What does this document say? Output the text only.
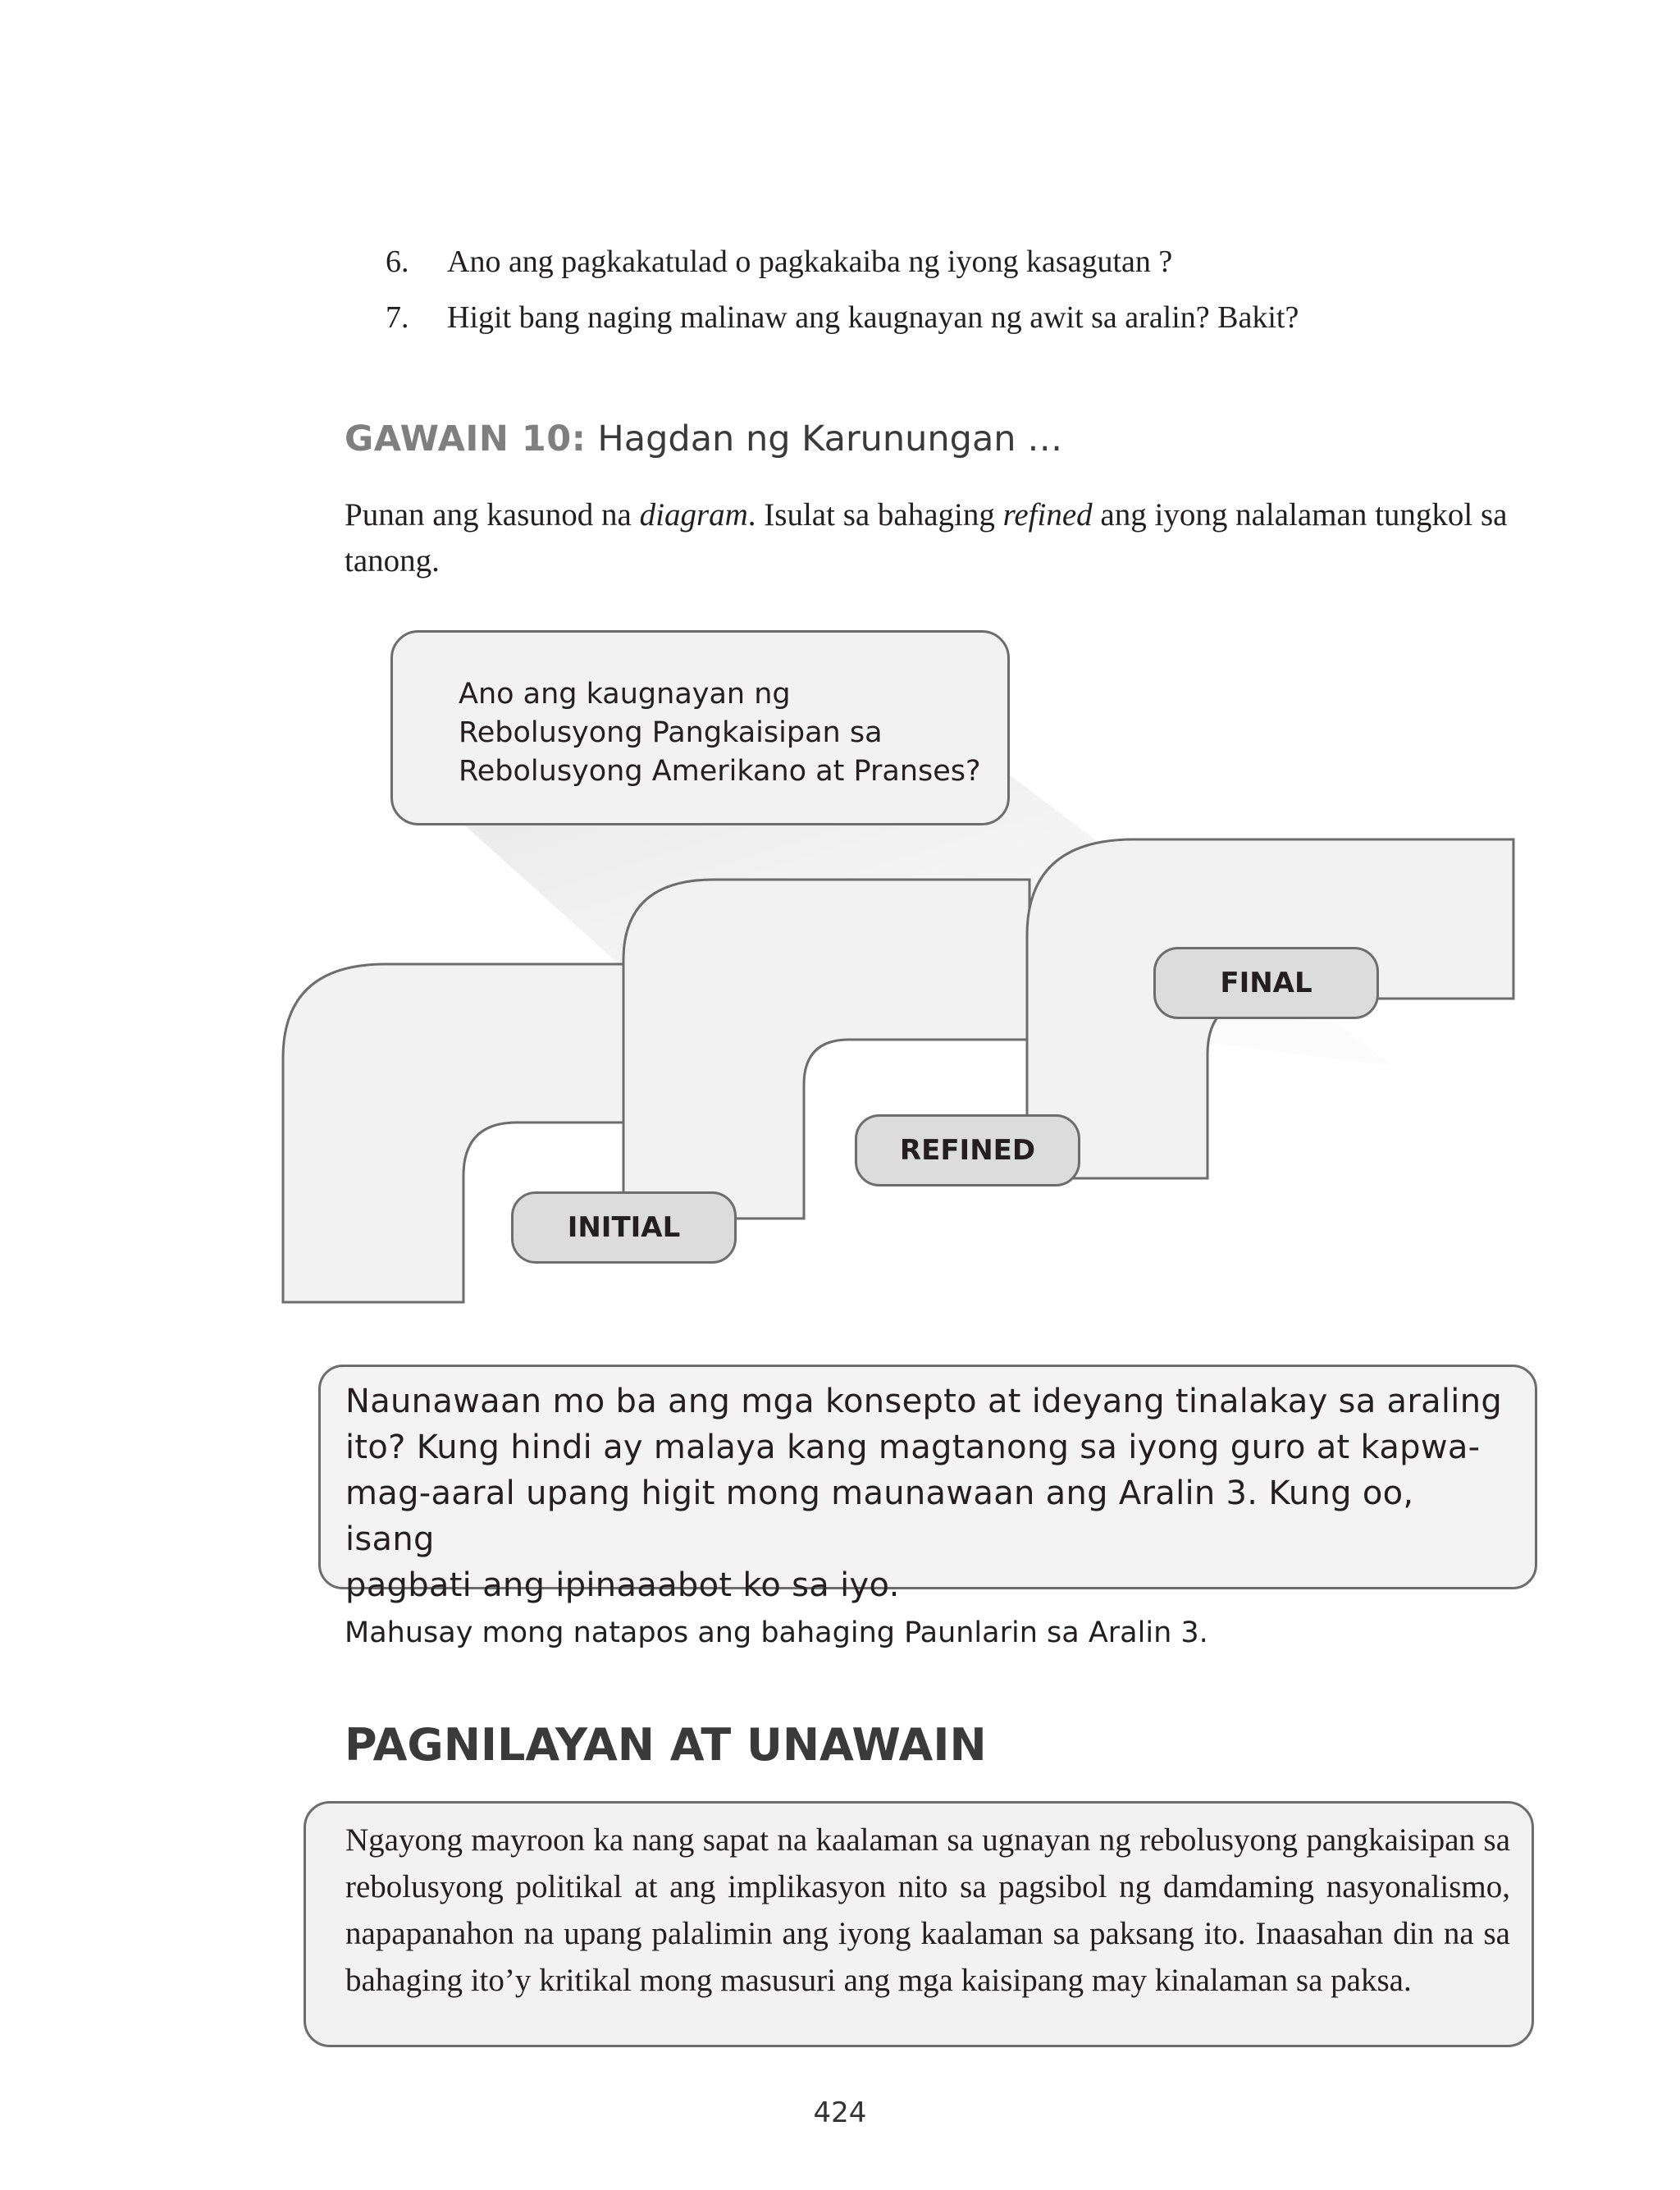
6.	Ano ang pagkakatulad o pagkakaiba ng iyong kasagutan ?
7.	Higit bang naging malinaw ang kaugnayan ng awit sa aralin? Bakit?
GAWAIN 10: Hagdan ng Karunungan …
Punan ang kasunod na diagram. Isulat sa bahaging refined ang iyong nalalaman tungkol sa tanong.
Ano ang kaugnayan ng
Rebolusyong Pangkaisipan sa
Rebolusyong Amerikano at Pranses?
INITIAL
REFINED
FINAL
Naunawaan mo ba ang mga konsepto at ideyang tinalakay sa araling
ito? Kung hindi ay malaya kang magtanong sa iyong guro at kapwa-
mag-aaral upang higit mong maunawaan ang Aralin 3. Kung oo, isang
pagbati ang ipinaaabot ko sa iyo.
Mahusay mong natapos ang bahaging Paunlarin sa Aralin 3.
PAGNILAYAN AT UNAWAIN
Ngayong mayroon ka nang sapat na kaalaman sa ugnayan ng rebolusyong pangkaisipan sa rebolusyong politikal at ang implikasyon nito sa pagsibol ng damdaming nasyonalismo, napapanahon na upang palalimin ang iyong kaalaman sa paksang ito. Inaasahan din na sa bahaging ito’y kritikal mong masusuri ang mga kaisipang may kinalaman sa paksa.
424
